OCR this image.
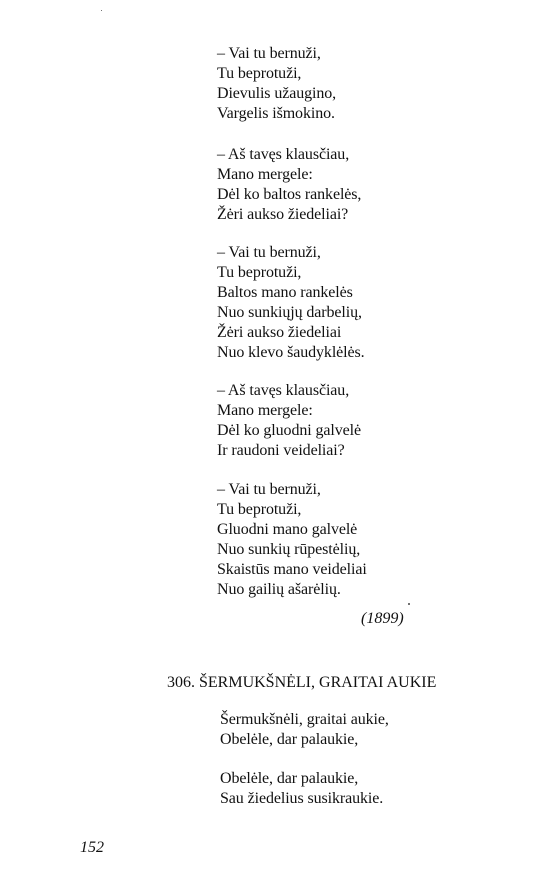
– Vai tu bernuži,
Tu beprotuži,
Dievulis užaugino,
Vargelis išmokino.
– Aš tavęs klausčiau,
Mano mergele:
Dėl ko baltos rankelės,
Žėri aukso žiedeliai?
– Vai tu bernuži,
Tu beprotuži,
Baltos mano rankelės
Nuo sunkiųjų darbelių,
Žėri aukso žiedeliai
Nuo klevo šaudyklėlės.
– Aš tavęs klausčiau,
Mano mergele:
Dėl ko gluodni galvelė
Ir raudoni veideliai?
– Vai tu bernuži,
Tu beprotuži,
Gluodni mano galvelė
Nuo sunkių rūpestėlių,
Skaistūs mano veideliai
Nuo gailių ašarėlių.
(1899)
306. ŠERMUKŠNĖLI, GRAITAI AUKIE
Šermukšnėli, graitai aukie,
Obelėle, dar palaukie,
Obelėle, dar palaukie,
Sau žiedelius susikraukie.
152
